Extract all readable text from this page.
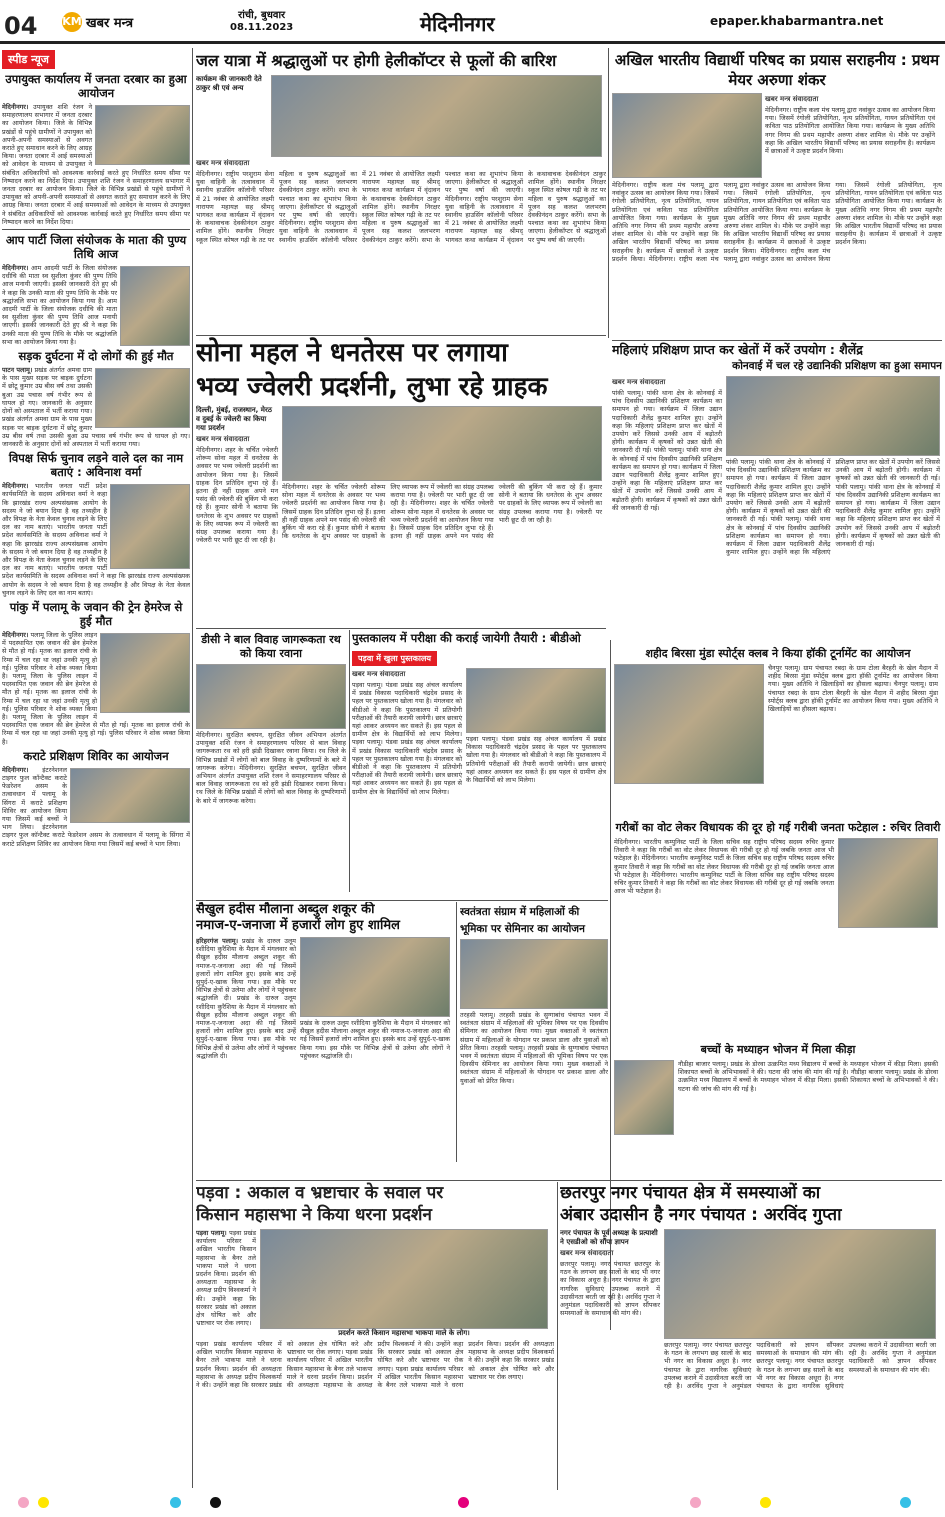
04 KM खबर मन्त्र
रांची, बुधवार
08.11.2023	मेदिनीनगर	epaper.khabarmantra.net
स्पीड न्यूज
उपायुक्त कार्यालय में जनता दरबार का हुआ आयोजन
मेदिनीनगर। उपायुक्त शशि रंजन ने समाहरणालय सभागार में जनता दरबार का आयोजन किया। जिले के विभिन्न प्रखंडों से पहुंचे ग्रामीणों ने उपायुक्त को अपनी-अपनी समस्याओं से अवगत कराते हुए समाधान करने के लिए आग्रह किया। जनता दरबार में आई समस्याओं को आवेदन के माध्यम से उपायुक्त ने संबंधित अधिकारियों को आवश्यक कार्रवाई करते हुए निर्धारित समय सीमा पर निष्पादन करने का निर्देश दिया। उपायुक्त शशि रंजन ने समाहरणालय सभागार में जनता दरबार का आयोजन किया। जिले के विभिन्न प्रखंडों से पहुंचे ग्रामीणों ने उपायुक्त को अपनी-अपनी समस्याओं से अवगत कराते हुए समाधान करने के लिए आग्रह किया। जनता दरबार में आई समस्याओं को आवेदन के माध्यम से उपायुक्त ने संबंधित अधिकारियों को आवश्यक कार्रवाई करते हुए निर्धारित समय सीमा पर निष्पादन करने का निर्देश दिया।
आप पार्टी जिला संयोजक के माता की पुण्य तिथि आज
मेदिनीनगर। आम आदमी पार्टी के जिला संयोजक दधीचि की माता स्व सुशीला कुंवर की पुण्य तिथि आज मनायी जाएगी। इसकी जानकारी देते हुए श्री ने कहा कि उनकी माता की पुण्य तिथि के मौके पर श्रद्धांजलि सभा का आयोजन किया गया है। आम आदमी पार्टी के जिला संयोजक दधीचि की माता स्व सुशीला कुंवर की पुण्य तिथि आज मनायी जाएगी। इसकी जानकारी देते हुए श्री ने कहा कि उनकी माता की पुण्य तिथि के मौके पर श्रद्धांजलि सभा का आयोजन किया गया है।
सड़क दुर्घटना में दो लोगों की हुई मौत
पाटन पलामू। प्रखंड अंतर्गत अमवा ग्राम के पास मुख्य सड़क पर बाइक दुर्घटना में छोटू कुमार उम्र बीस वर्ष तथा उसकी बुआ उम्र पचास वर्ष गंभीर रूप से घायल हो गए। जानकारी के अनुसार दोनों को अस्पताल में भर्ती कराया गया। प्रखंड अंतर्गत अमवा ग्राम के पास मुख्य सड़क पर बाइक दुर्घटना में छोटू कुमार उम्र बीस वर्ष तथा उसकी बुआ उम्र पचास वर्ष गंभीर रूप से घायल हो गए। जानकारी के अनुसार दोनों को अस्पताल में भर्ती कराया गया।
विपक्ष सिर्फ चुनाव लड़ने वाले दल का नाम बताएं : अविनाश वर्मा
मेदिनीनगर। भारतीय जनता पार्टी प्रदेश कार्यसमिति के सदस्य अविनाश वर्मा ने कहा कि झारखंड राज्य अल्पसंख्यक आयोग के सदस्य ने जो बयान दिया है वह तथ्यहीन है और विपक्ष के नेता केवल चुनाव लड़ने के लिए दल का नाम बताएं। भारतीय जनता पार्टी प्रदेश कार्यसमिति के सदस्य अविनाश वर्मा ने कहा कि झारखंड राज्य अल्पसंख्यक आयोग के सदस्य ने जो बयान दिया है वह तथ्यहीन है और विपक्ष के नेता केवल चुनाव लड़ने के लिए दल का नाम बताएं। भारतीय जनता पार्टी प्रदेश कार्यसमिति के सदस्य अविनाश वर्मा ने कहा कि झारखंड राज्य अल्पसंख्यक आयोग के सदस्य ने जो बयान दिया है वह तथ्यहीन है और विपक्ष के नेता केवल चुनाव लड़ने के लिए दल का नाम बताएं।
पांकु में पलामू के जवान की ट्रेन हेमरेज से हुई मौत
मेदिनीनगर। पलामू जिला के पुलिस लाइन में पदस्थापित एक जवान की ब्रेन हेमरेज से मौत हो गई। मृतक का इलाज रांची के रिम्स में चल रहा था जहां उनकी मृत्यु हो गई। पुलिस परिवार ने शोक व्यक्त किया है। पलामू जिला के पुलिस लाइन में पदस्थापित एक जवान की ब्रेन हेमरेज से मौत हो गई। मृतक का इलाज रांची के रिम्स में चल रहा था जहां उनकी मृत्यु हो गई। पुलिस परिवार ने शोक व्यक्त किया है। पलामू जिला के पुलिस लाइन में पदस्थापित एक जवान की ब्रेन हेमरेज से मौत हो गई। मृतक का इलाज रांची के रिम्स में चल रहा था जहां उनकी मृत्यु हो गई। पुलिस परिवार ने शोक व्यक्त किया है।
कराटे प्रशिक्षण शिविर का आयोजन
मेदिनीनगर। इंटरनेशनल टाइगर फुल कॉन्टैक्ट कराटे फेडरेशन असम के तत्वावधान में पलामू के सिंगरा में कराटे प्रशिक्षण शिविर का आयोजन किया गया जिसमें कई बच्चों ने भाग लिया। इंटरनेशनल टाइगर फुल कॉन्टैक्ट कराटे फेडरेशन असम के तत्वावधान में पलामू के सिंगरा में कराटे प्रशिक्षण शिविर का आयोजन किया गया जिसमें कई बच्चों ने भाग लिया।
जल यात्रा में श्रद्धालुओं पर होगी हेलीकॉप्टर से फूलों की बारिश
कार्यक्रम की जानकारी देते ठाकुर श्री एवं अन्य
खबर मन्त्र संवाददाता
मेदिनीनगर। राष्ट्रीय परशुराम सेना युवा वाहिनी के तत्वावधान में स्थानीय हाउसिंग कॉलोनी परिसर में 21 नवंबर से आयोजित लक्ष्मी नारायण महायज्ञ सह श्रीमद् भागवत कथा कार्यक्रम में वृंदावन के कथावाचक देवकीनंदन ठाकुर शामिल होंगे। स्थानीय निरक्षर स्कूल स्थित कोषल गढ़ी के तट पर महिला व पुरुष श्रद्धालुओं का पूजन सह कलश जलभरण देवकीनंदन ठाकुर करेंगे। सभा के पश्चात कथा का शुभारंभ किया जाएगा। हेलीकॉप्टर से श्रद्धालुओं पर पुष्प वर्षा की जाएगी। मेदिनीनगर। राष्ट्रीय परशुराम सेना युवा वाहिनी के तत्वावधान में स्थानीय हाउसिंग कॉलोनी परिसर में 21 नवंबर से आयोजित लक्ष्मी नारायण महायज्ञ सह श्रीमद् भागवत कथा कार्यक्रम में वृंदावन के कथावाचक देवकीनंदन ठाकुर शामिल होंगे। स्थानीय निरक्षर स्कूल स्थित कोषल गढ़ी के तट पर महिला व पुरुष श्रद्धालुओं का पूजन सह कलश जलभरण देवकीनंदन ठाकुर करेंगे। सभा के पश्चात कथा का शुभारंभ किया जाएगा। हेलीकॉप्टर से श्रद्धालुओं पर पुष्प वर्षा की जाएगी। मेदिनीनगर। राष्ट्रीय परशुराम सेना युवा वाहिनी के तत्वावधान में स्थानीय हाउसिंग कॉलोनी परिसर में 21 नवंबर से आयोजित लक्ष्मी नारायण महायज्ञ सह श्रीमद् भागवत कथा कार्यक्रम में वृंदावन के कथावाचक देवकीनंदन ठाकुर शामिल होंगे। स्थानीय निरक्षर स्कूल स्थित कोषल गढ़ी के तट पर महिला व पुरुष श्रद्धालुओं का पूजन सह कलश जलभरण देवकीनंदन ठाकुर करेंगे। सभा के पश्चात कथा का शुभारंभ किया जाएगा। हेलीकॉप्टर से श्रद्धालुओं पर पुष्प वर्षा की जाएगी।
अखिल भारतीय विद्यार्थी परिषद का प्रयास सराहनीय : प्रथम मेयर अरुणा शंकर
खबर मन्त्र संवाददाता
मेदिनीनगर। राष्ट्रीय कला मंच पलामू द्वारा नवांकुर उत्सव का आयोजन किया गया। जिसमें रंगोली प्रतियोगिता, नृत्य प्रतियोगिता, गायन प्रतियोगिता एवं कविता पाठ प्रतियोगिता आयोजित किया गया। कार्यक्रम के मुख्य अतिथि नगर निगम की प्रथम महापौर अरुणा शंकर शामिल थे। मौके पर उन्होंने कहा कि अखिल भारतीय विद्यार्थी परिषद का प्रयास सराहनीय है। कार्यक्रम में छात्राओं ने उत्कृष्ट प्रदर्शन किया।
मेदिनीनगर। राष्ट्रीय कला मंच पलामू द्वारा नवांकुर उत्सव का आयोजन किया गया। जिसमें रंगोली प्रतियोगिता, नृत्य प्रतियोगिता, गायन प्रतियोगिता एवं कविता पाठ प्रतियोगिता आयोजित किया गया। कार्यक्रम के मुख्य अतिथि नगर निगम की प्रथम महापौर अरुणा शंकर शामिल थे। मौके पर उन्होंने कहा कि अखिल भारतीय विद्यार्थी परिषद का प्रयास सराहनीय है। कार्यक्रम में छात्राओं ने उत्कृष्ट प्रदर्शन किया। मेदिनीनगर। राष्ट्रीय कला मंच पलामू द्वारा नवांकुर उत्सव का आयोजन किया गया। जिसमें रंगोली प्रतियोगिता, नृत्य प्रतियोगिता, गायन प्रतियोगिता एवं कविता पाठ प्रतियोगिता आयोजित किया गया। कार्यक्रम के मुख्य अतिथि नगर निगम की प्रथम महापौर अरुणा शंकर शामिल थे। मौके पर उन्होंने कहा कि अखिल भारतीय विद्यार्थी परिषद का प्रयास सराहनीय है। कार्यक्रम में छात्राओं ने उत्कृष्ट प्रदर्शन किया। मेदिनीनगर। राष्ट्रीय कला मंच पलामू द्वारा नवांकुर उत्सव का आयोजन किया गया। जिसमें रंगोली प्रतियोगिता, नृत्य प्रतियोगिता, गायन प्रतियोगिता एवं कविता पाठ प्रतियोगिता आयोजित किया गया। कार्यक्रम के मुख्य अतिथि नगर निगम की प्रथम महापौर अरुणा शंकर शामिल थे। मौके पर उन्होंने कहा कि अखिल भारतीय विद्यार्थी परिषद का प्रयास सराहनीय है। कार्यक्रम में छात्राओं ने उत्कृष्ट प्रदर्शन किया।
सोना महल ने धनतेरस पर लगाया
भव्य ज्वेलरी प्रदर्शनी, लुभा रहे ग्राहक
दिल्ली, मुंबई, राजस्थान, मेरठ व दुबई के ज्वेलरी का किया गया प्रदर्शन
खबर मन्त्र संवाददाता
मेदिनीनगर। शहर के चर्चित ज्वेलरी शोरूम सोना महल में धनतेरस के अवसर पर भव्य ज्वेलरी प्रदर्शनी का आयोजन किया गया है। जिसमें ग्राहक दिन प्रतिदिन लुभा रहे हैं। इतना ही नहीं ग्राहक अपने मन पसंद की ज्वेलरी की बुकिंग भी करा रहे हैं। कुमार सोनी ने बताया कि धनतेरस के शुभ अवसर पर ग्राहकों के लिए व्यापक रूप में ज्वेलरी का संग्रह उपलब्ध कराया गया है। ज्वेलरी पर भारी छूट दी जा रही है।
मेदिनीनगर। शहर के चर्चित ज्वेलरी शोरूम सोना महल में धनतेरस के अवसर पर भव्य ज्वेलरी प्रदर्शनी का आयोजन किया गया है। जिसमें ग्राहक दिन प्रतिदिन लुभा रहे हैं। इतना ही नहीं ग्राहक अपने मन पसंद की ज्वेलरी की बुकिंग भी करा रहे हैं। कुमार सोनी ने बताया कि धनतेरस के शुभ अवसर पर ग्राहकों के लिए व्यापक रूप में ज्वेलरी का संग्रह उपलब्ध कराया गया है। ज्वेलरी पर भारी छूट दी जा रही है। मेदिनीनगर। शहर के चर्चित ज्वेलरी शोरूम सोना महल में धनतेरस के अवसर पर भव्य ज्वेलरी प्रदर्शनी का आयोजन किया गया है। जिसमें ग्राहक दिन प्रतिदिन लुभा रहे हैं। इतना ही नहीं ग्राहक अपने मन पसंद की ज्वेलरी की बुकिंग भी करा रहे हैं। कुमार सोनी ने बताया कि धनतेरस के शुभ अवसर पर ग्राहकों के लिए व्यापक रूप में ज्वेलरी का संग्रह उपलब्ध कराया गया है। ज्वेलरी पर भारी छूट दी जा रही है।
महिलाएं प्रशिक्षण प्राप्त कर खेतों में करें उपयोग : शैलेंद्र
कोनवाई में चल रहे उद्यानिकी प्रशिक्षण का हुआ समापन
खबर मन्त्र संवाददाता
पांकी पलामू। पांकी थाना क्षेत्र के कोनवाई में पांच दिवसीय उद्यानिकी प्रशिक्षण कार्यक्रम का समापन हो गया। कार्यक्रम में जिला उद्यान पदाधिकारी शैलेंद्र कुमार शामिल हुए। उन्होंने कहा कि महिलाएं प्रशिक्षण प्राप्त कर खेतों में उपयोग करें जिससे उनकी आय में बढ़ोतरी होगी। कार्यक्रम में कृषकों को उन्नत खेती की जानकारी दी गई। पांकी पलामू। पांकी थाना क्षेत्र के कोनवाई में पांच दिवसीय उद्यानिकी प्रशिक्षण कार्यक्रम का समापन हो गया। कार्यक्रम में जिला उद्यान पदाधिकारी शैलेंद्र कुमार शामिल हुए। उन्होंने कहा कि महिलाएं प्रशिक्षण प्राप्त कर खेतों में उपयोग करें जिससे उनकी आय में बढ़ोतरी होगी। कार्यक्रम में कृषकों को उन्नत खेती की जानकारी दी गई।
पांकी पलामू। पांकी थाना क्षेत्र के कोनवाई में पांच दिवसीय उद्यानिकी प्रशिक्षण कार्यक्रम का समापन हो गया। कार्यक्रम में जिला उद्यान पदाधिकारी शैलेंद्र कुमार शामिल हुए। उन्होंने कहा कि महिलाएं प्रशिक्षण प्राप्त कर खेतों में उपयोग करें जिससे उनकी आय में बढ़ोतरी होगी। कार्यक्रम में कृषकों को उन्नत खेती की जानकारी दी गई। पांकी पलामू। पांकी थाना क्षेत्र के कोनवाई में पांच दिवसीय उद्यानिकी प्रशिक्षण कार्यक्रम का समापन हो गया। कार्यक्रम में जिला उद्यान पदाधिकारी शैलेंद्र कुमार शामिल हुए। उन्होंने कहा कि महिलाएं प्रशिक्षण प्राप्त कर खेतों में उपयोग करें जिससे उनकी आय में बढ़ोतरी होगी। कार्यक्रम में कृषकों को उन्नत खेती की जानकारी दी गई। पांकी पलामू। पांकी थाना क्षेत्र के कोनवाई में पांच दिवसीय उद्यानिकी प्रशिक्षण कार्यक्रम का समापन हो गया। कार्यक्रम में जिला उद्यान पदाधिकारी शैलेंद्र कुमार शामिल हुए। उन्होंने कहा कि महिलाएं प्रशिक्षण प्राप्त कर खेतों में उपयोग करें जिससे उनकी आय में बढ़ोतरी होगी। कार्यक्रम में कृषकों को उन्नत खेती की जानकारी दी गई।
डीसी ने बाल विवाह जागरूकता रथ को किया रवाना
मेदिनीनगर। सुरक्षित बचपन, सुरक्षित जीवन अभियान अंतर्गत उपायुक्त शशि रंजन ने समाहरणालय परिसर से बाल विवाह जागरूकता रथ को हरी झंडी दिखाकर रवाना किया। रथ जिले के विभिन्न प्रखंडों में लोगों को बाल विवाह के दुष्परिणामों के बारे में जागरूक करेगा। मेदिनीनगर। सुरक्षित बचपन, सुरक्षित जीवन अभियान अंतर्गत उपायुक्त शशि रंजन ने समाहरणालय परिसर से बाल विवाह जागरूकता रथ को हरी झंडी दिखाकर रवाना किया। रथ जिले के विभिन्न प्रखंडों में लोगों को बाल विवाह के दुष्परिणामों के बारे में जागरूक करेगा।
पुस्तकालय में परीक्षा की कराई जायेगी तैयारी : बीडीओ
पड़वा में खुला पुस्तकालय
खबर मन्त्र संवाददाता
पड़वा पलामू। पंडवा प्रखंड सह अंचल कार्यालय में प्रखंड विकास पदाधिकारी चंद्रदेव प्रसाद के पहल पर पुस्तकालय खोला गया है। मंगलवार को बीडीओ ने कहा कि पुस्तकालय में प्रतियोगी परीक्षाओं की तैयारी करायी जायेगी। छात्र छात्राएं यहां आकर अध्ययन कर सकते हैं। इस पहल से ग्रामीण क्षेत्र के विद्यार्थियों को लाभ मिलेगा। पड़वा पलामू। पंडवा प्रखंड सह अंचल कार्यालय में प्रखंड विकास पदाधिकारी चंद्रदेव प्रसाद के पहल पर पुस्तकालय खोला गया है। मंगलवार को बीडीओ ने कहा कि पुस्तकालय में प्रतियोगी परीक्षाओं की तैयारी करायी जायेगी। छात्र छात्राएं यहां आकर अध्ययन कर सकते हैं। इस पहल से ग्रामीण क्षेत्र के विद्यार्थियों को लाभ मिलेगा।
पड़वा पलामू। पंडवा प्रखंड सह अंचल कार्यालय में प्रखंड विकास पदाधिकारी चंद्रदेव प्रसाद के पहल पर पुस्तकालय खोला गया है। मंगलवार को बीडीओ ने कहा कि पुस्तकालय में प्रतियोगी परीक्षाओं की तैयारी करायी जायेगी। छात्र छात्राएं यहां आकर अध्ययन कर सकते हैं। इस पहल से ग्रामीण क्षेत्र के विद्यार्थियों को लाभ मिलेगा।
शहीद बिरसा मुंडा स्पोर्ट्स क्लब ने किया हॉकी टूर्नामेंट का आयोजन
चैनपुर पलामू। ग्राम पंचायत रबदा के ग्राम टोला बैरहरी के खेल मैदान में शहीद बिरसा मुंडा स्पोर्ट्स क्लब द्वारा हॉकी टूर्नामेंट का आयोजन किया गया। मुख्य अतिथि ने खिलाड़ियों का हौसला बढ़ाया। चैनपुर पलामू। ग्राम पंचायत रबदा के ग्राम टोला बैरहरी के खेल मैदान में शहीद बिरसा मुंडा स्पोर्ट्स क्लब द्वारा हॉकी टूर्नामेंट का आयोजन किया गया। मुख्य अतिथि ने खिलाड़ियों का हौसला बढ़ाया।
गरीबों का वोट लेकर विधायक की दूर हो गई गरीबी जनता फटेहाल : रुचिर तिवारी
मेदिनीनगर। भारतीय कम्युनिस्ट पार्टी के जिला सचिव सह राष्ट्रीय परिषद सदस्य रुचिर कुमार तिवारी ने कहा कि गरीबों का वोट लेकर विधायक की गरीबी दूर हो गई जबकि जनता आज भी फटेहाल है। मेदिनीनगर। भारतीय कम्युनिस्ट पार्टी के जिला सचिव सह राष्ट्रीय परिषद सदस्य रुचिर कुमार तिवारी ने कहा कि गरीबों का वोट लेकर विधायक की गरीबी दूर हो गई जबकि जनता आज भी फटेहाल है। मेदिनीनगर। भारतीय कम्युनिस्ट पार्टी के जिला सचिव सह राष्ट्रीय परिषद सदस्य रुचिर कुमार तिवारी ने कहा कि गरीबों का वोट लेकर विधायक की गरीबी दूर हो गई जबकि जनता आज भी फटेहाल है।
बच्चों के मध्याहन भोजन में मिला कीड़ा
नौडीहा बाजार पलामू। प्रखंड के डोरवा उत्क्रमित मध्य विद्यालय में बच्चों के मध्याहन भोजन में कीड़ा मिला। इसकी शिकायत बच्चों के अभिभावकों ने की। घटना की जांच की मांग की गई है। नौडीहा बाजार पलामू। प्रखंड के डोरवा उत्क्रमित मध्य विद्यालय में बच्चों के मध्याहन भोजन में कीड़ा मिला। इसकी शिकायत बच्चों के अभिभावकों ने की। घटना की जांच की मांग की गई है।
सैखुल हदीस मौलाना अब्दुल शकूर की
नमाज-ए-जनाजा में हजारों लोग हुए शामिल
हरिहरगंज पलामू। प्रखंड के दारुल उलूम रशीदिया कुरैशिया के मैदान में मंगलवार को सैखुल हदीस मौलाना अब्दुल शकूर की नमाज-ए-जनाजा अदा की गई जिसमें हजारों लोग शामिल हुए। इसके बाद उन्हें सुपुर्द-ए-खाक किया गया। इस मौके पर विभिन्न क्षेत्रों से उलेमा और लोगों ने पहुंचकर श्रद्धांजलि दी। प्रखंड के दारुल उलूम रशीदिया कुरैशिया के मैदान में मंगलवार को सैखुल हदीस मौलाना अब्दुल शकूर की नमाज-ए-जनाजा अदा की गई जिसमें हजारों लोग शामिल हुए। इसके बाद उन्हें सुपुर्द-ए-खाक किया गया। इस मौके पर विभिन्न क्षेत्रों से उलेमा और लोगों ने पहुंचकर श्रद्धांजलि दी।
प्रखंड के दारुल उलूम रशीदिया कुरैशिया के मैदान में मंगलवार को सैखुल हदीस मौलाना अब्दुल शकूर की नमाज-ए-जनाजा अदा की गई जिसमें हजारों लोग शामिल हुए। इसके बाद उन्हें सुपुर्द-ए-खाक किया गया। इस मौके पर विभिन्न क्षेत्रों से उलेमा और लोगों ने पहुंचकर श्रद्धांजलि दी।
स्वतंत्रता संग्राम में महिलाओं की
भूमिका पर सेमिनार का आयोजन
तरहसी पलामू। तरहसी प्रखंड के सुग्गाबांध पंचायत भवन में स्वतंत्रता संग्राम में महिलाओं की भूमिका विषय पर एक दिवसीय सेमिनार का आयोजन किया गया। मुख्य वक्ताओं ने स्वतंत्रता संग्राम में महिलाओं के योगदान पर प्रकाश डाला और युवाओं को प्रेरित किया। तरहसी पलामू। तरहसी प्रखंड के सुग्गाबांध पंचायत भवन में स्वतंत्रता संग्राम में महिलाओं की भूमिका विषय पर एक दिवसीय सेमिनार का आयोजन किया गया। मुख्य वक्ताओं ने स्वतंत्रता संग्राम में महिलाओं के योगदान पर प्रकाश डाला और युवाओं को प्रेरित किया।
पड़वा : अकाल व भ्रष्टाचार के सवाल पर
किसान महासभा ने किया धरना प्रदर्शन
पड़वा पलामू। पड़वा प्रखंड कार्यालय परिसर में अखिल भारतीय किसान महासभा के बैनर तले भाकपा माले ने धरना प्रदर्शन किया। प्रदर्शन की अध्यक्षता महासभा के अध्यक्ष प्रदीप विश्वकर्मा ने की। उन्होंने कहा कि सरकार प्रखंड को अकाल क्षेत्र घोषित करे और भ्रष्टाचार पर रोक लगाए।
प्रदर्शन करते किसान महासभा भाकपा माले के लोग।
पड़वा प्रखंड कार्यालय परिसर में अखिल भारतीय किसान महासभा के बैनर तले भाकपा माले ने धरना प्रदर्शन किया। प्रदर्शन की अध्यक्षता महासभा के अध्यक्ष प्रदीप विश्वकर्मा ने की। उन्होंने कहा कि सरकार प्रखंड को अकाल क्षेत्र घोषित करे और भ्रष्टाचार पर रोक लगाए। पड़वा प्रखंड कार्यालय परिसर में अखिल भारतीय किसान महासभा के बैनर तले भाकपा माले ने धरना प्रदर्शन किया। प्रदर्शन की अध्यक्षता महासभा के अध्यक्ष प्रदीप विश्वकर्मा ने की। उन्होंने कहा कि सरकार प्रखंड को अकाल क्षेत्र घोषित करे और भ्रष्टाचार पर रोक लगाए। पड़वा प्रखंड कार्यालय परिसर में अखिल भारतीय किसान महासभा के बैनर तले भाकपा माले ने धरना प्रदर्शन किया। प्रदर्शन की अध्यक्षता महासभा के अध्यक्ष प्रदीप विश्वकर्मा ने की। उन्होंने कहा कि सरकार प्रखंड को अकाल क्षेत्र घोषित करे और भ्रष्टाचार पर रोक लगाए।
छतरपुर नगर पंचायत क्षेत्र में समस्याओं का
अंबार उदासीन है नगर पंचायत : अरविंद गुप्ता
नगर पंचायत के पूर्व अध्यक्ष के प्रत्याशी ने एसडीओ को सौंपा ज्ञापन
खबर मन्त्र संवाददाता
छतरपुर पलामू। नगर पंचायत छतरपुर के गठन के लगभग छह सालों के बाद भी नगर का विकास अधूरा है। नगर पंचायत के द्वारा नागरिक सुविधाएं उपलब्ध कराने में उदासीनता बरती जा रही है। अरविंद गुप्ता ने अनुमंडल पदाधिकारी को ज्ञापन सौंपकर समस्याओं के समाधान की मांग की।
छतरपुर पलामू। नगर पंचायत छतरपुर के गठन के लगभग छह सालों के बाद भी नगर का विकास अधूरा है। नगर पंचायत के द्वारा नागरिक सुविधाएं उपलब्ध कराने में उदासीनता बरती जा रही है। अरविंद गुप्ता ने अनुमंडल पदाधिकारी को ज्ञापन सौंपकर समस्याओं के समाधान की मांग की। छतरपुर पलामू। नगर पंचायत छतरपुर के गठन के लगभग छह सालों के बाद भी नगर का विकास अधूरा है। नगर पंचायत के द्वारा नागरिक सुविधाएं उपलब्ध कराने में उदासीनता बरती जा रही है। अरविंद गुप्ता ने अनुमंडल पदाधिकारी को ज्ञापन सौंपकर समस्याओं के समाधान की मांग की।
